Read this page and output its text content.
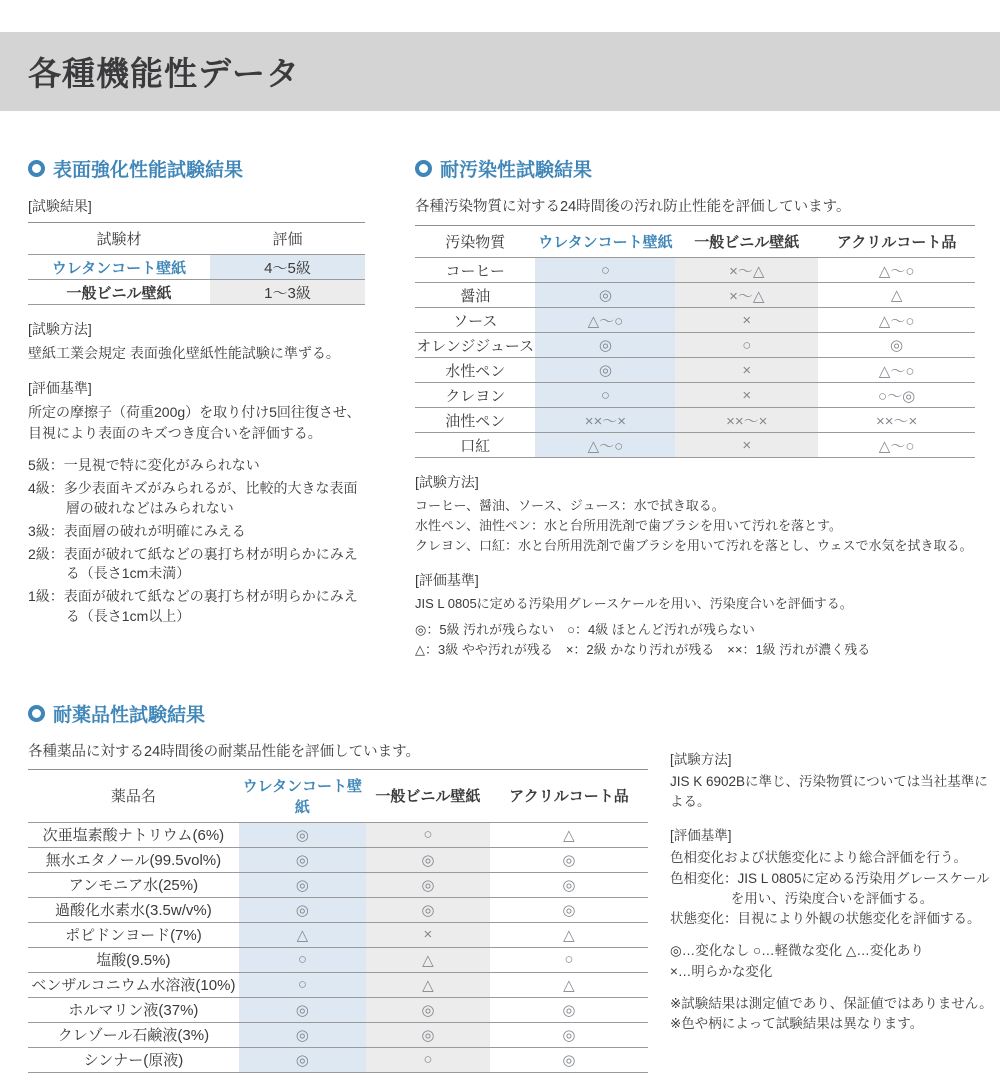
各種機能性データ
表面強化性能試験結果
[試験結果]
試験材	評価
ウレタンコート壁紙	4～5級
一般ビニル壁紙	1～3級
[試験方法]
壁紙工業会規定 表面強化壁紙性能試験に準ずる。
[評価基準]
所定の摩擦子（荷重200g）を取り付け5回往復させ、目視により表面のキズつき度合いを評価する。
5級：一見視で特に変化がみられない
4級：多少表面キズがみられるが、比較的大きな表面層の破れなどはみられない
3級：表面層の破れが明確にみえる
2級：表面が破れて紙などの裏打ち材が明らかにみえる（長さ1cm未満）
1級：表面が破れて紙などの裏打ち材が明らかにみえる（長さ1cm以上）
耐汚染性試験結果
各種汚染物質に対する24時間後の汚れ防止性能を評価しています。
汚染物質	ウレタンコート壁紙	一般ビニル壁紙	アクリルコート品
コーヒー	○	×～△	△～○
醤油	◎	×～△	△
ソース	△～○	×	△～○
オレンジジュース	◎	○	◎
水性ペン	◎	×	△～○
クレヨン	○	×	○～◎
油性ペン	××～×	××～×	××～×
口紅	△～○	×	△～○
[試験方法]
コーヒー、醤油、ソース、ジュース：水で拭き取る。
水性ペン、油性ペン：水と台所用洗剤で歯ブラシを用いて汚れを落とす。
クレヨン、口紅：水と台所用洗剤で歯ブラシを用いて汚れを落とし、ウェスで水気を拭き取る。
[評価基準]
JIS L 0805に定める汚染用グレースケールを用い、汚染度合いを評価する。
◎：5級 汚れが残らない　○：4級 ほとんど汚れが残らない
△：3級 やや汚れが残る　×：2級 かなり汚れが残る　××：1級 汚れが濃く残る
耐薬品性試験結果
各種薬品に対する24時間後の耐薬品性能を評価しています。
薬品名	ウレタンコート壁紙	一般ビニル壁紙	アクリルコート品
次亜塩素酸ナトリウム(6%)	◎	○	△
無水エタノール(99.5vol%)	◎	◎	◎
アンモニア水(25%)	◎	◎	◎
過酸化水素水(3.5w/v%)	◎	◎	◎
ポピドンヨード(7%)	△	×	△
塩酸(9.5%)	○	△	○
ベンザルコニウム水溶液(10%)	○	△	△
ホルマリン液(37%)	◎	◎	◎
クレゾール石鹸液(3%)	◎	◎	◎
シンナー(原液)	◎	○	◎
[試験方法]
JIS K 6902Bに準じ、汚染物質については当社基準による。
[評価基準]
色相変化および状態変化により総合評価を行う。
色相変化：JIS L 0805に定める汚染用グレースケールを用い、汚染度合いを評価する。
状態変化：目視により外観の状態変化を評価する。
◎…変化なし ○…軽微な変化 △…変化あり
×…明らかな変化
※試験結果は測定値であり、保証値ではありません。
※色や柄によって試験結果は異なります。
